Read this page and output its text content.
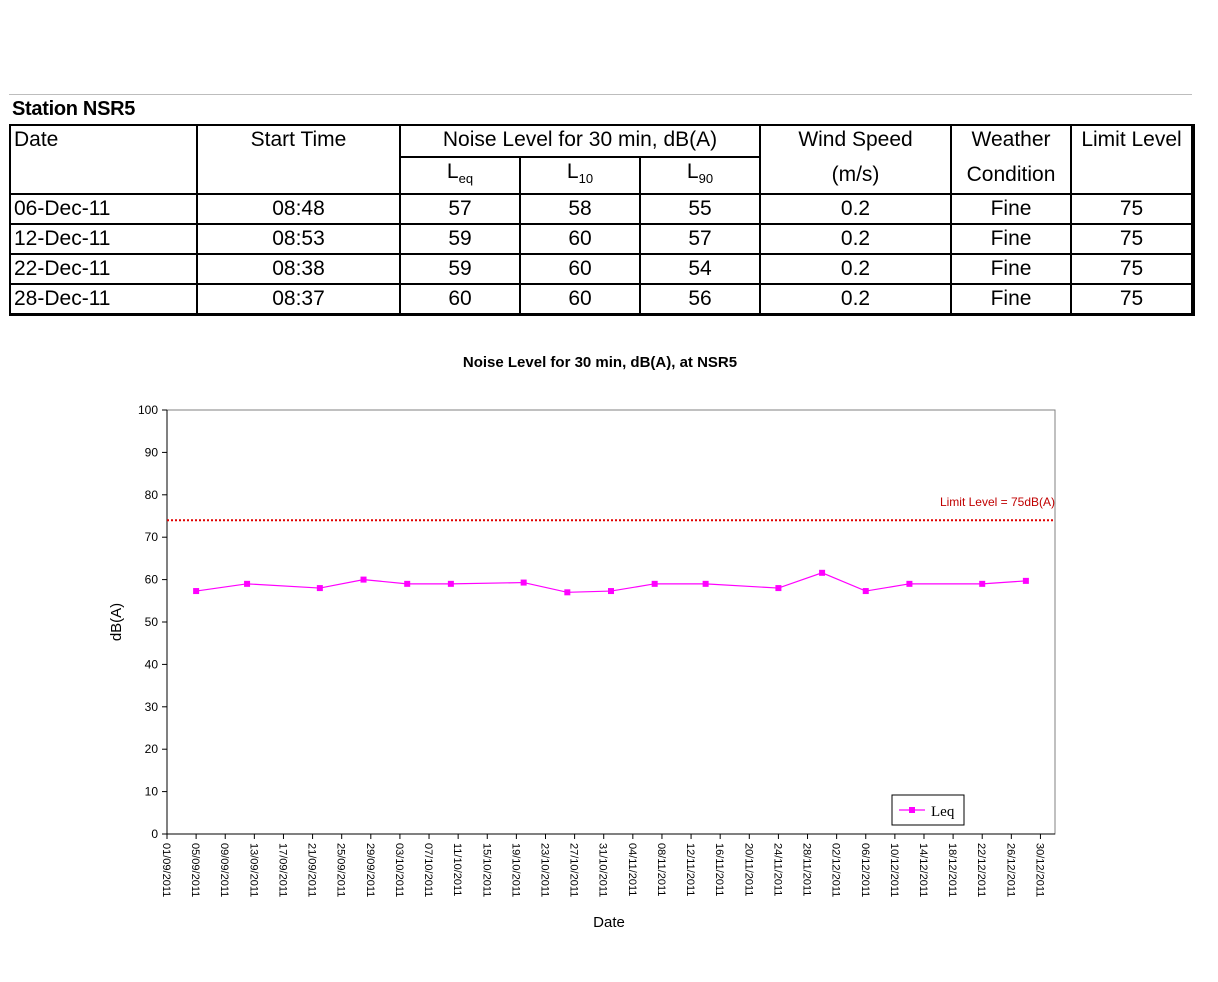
Station NSR5
Date	Start Time	Noise Level for 30 min, dB(A)			Wind Speed	Weather	Limit Level
		$L_{eq}$	$L_{10}$	$L_{90}$	(m/s)	Condition	
06-Dec-11	08:48	57	58	55	0.2	Fine	75
12-Dec-11	08:53	59	60	57	0.2	Fine	75
22-Dec-11	08:38	59	60	54	0.2	Fine	75
28-Dec-11	08:37	60	60	56	0.2	Fine	75
Noise Level for 30 min, dB(A), at NSR5
0
10
20
30
40
50
60
70
80
90
100
01/09/2011 05/09/2011 09/09/2011 13/09/2011 17/09/2011 21/09/2011 25/09/2011 29/09/2011 03/10/2011 07/10/2011 11/10/2011 15/10/2011 19/10/2011 23/10/2011 27/10/2011 31/10/2011 04/11/2011 08/11/2011 12/11/2011 16/11/2011 20/11/2011 24/11/2011 28/11/2011 02/12/2011 06/12/2011 10/12/2011 14/12/2011 18/12/2011 22/12/2011 26/12/2011 30/12/2011
dB(A)
Date
Limit Level = 75dB(A)
Leq
